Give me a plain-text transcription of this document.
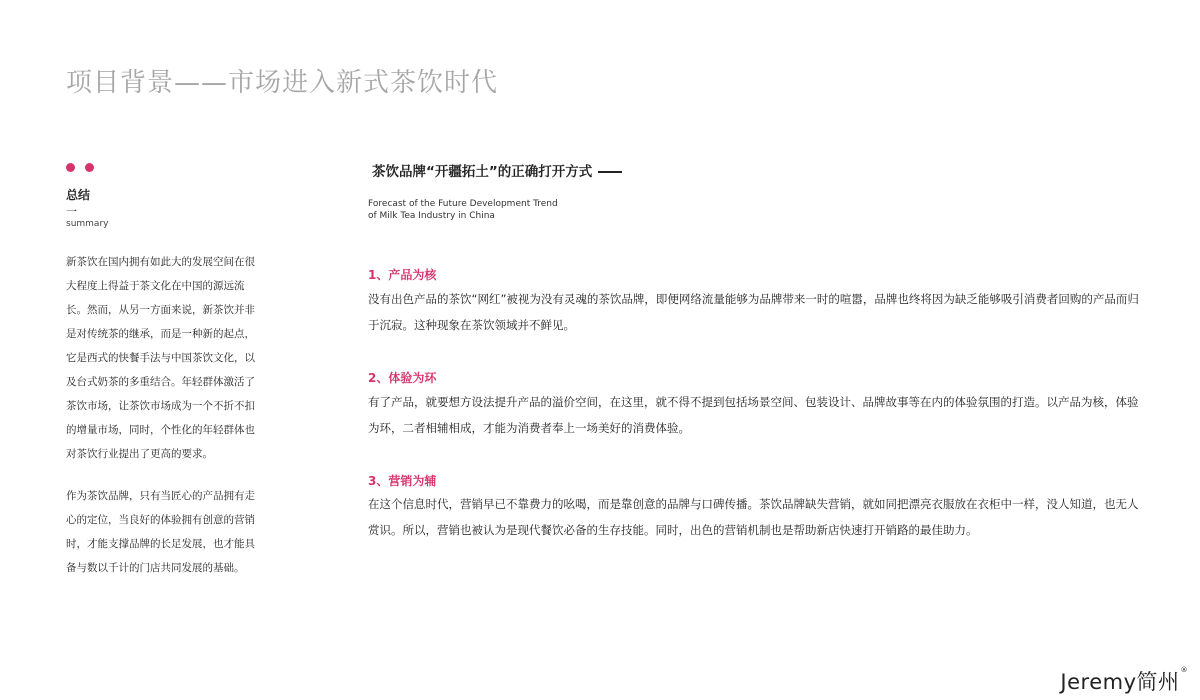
项目背景——市场进入新式茶饮时代
总结
一
summary

新茶饮在国内拥有如此大的发展空间在很大程度上得益于茶文化在中国的源远流长。然而，从另一方面来说，新茶饮并非是对传统茶的继承，而是一种新的起点，它是西式的快餐手法与中国茶饮文化，以及台式奶茶的多重结合。年轻群体激活了茶饮市场，让茶饮市场成为一个不折不扣的增量市场，同时，个性化的年轻群体也对茶饮行业提出了更高的要求。

作为茶饮品牌，只有当匠心的产品拥有走心的定位，当良好的体验拥有创意的营销时，才能支撑品牌的长足发展，也才能具备与数以千计的门店共同发展的基础。

茶饮品牌“开疆拓土”的正确打开方式
Forecast of the Future Development Trend
of Milk Tea Industry in China
1、产品为核

没有出色产品的茶饮“网红”被视为没有灵魂的茶饮品牌，即便网络流量能够为品牌带来一时的喧嚣，品牌也终将因为缺乏能够吸引消费者回购的产品而归于沉寂。这种现象在茶饮领域并不鲜见。

2、体验为环

有了产品，就要想方设法提升产品的溢价空间，在这里，就不得不提到包括场景空间、包装设计、品牌故事等在内的体验氛围的打造。以产品为核，体验为环，二者相辅相成，才能为消费者奉上一场美好的消费体验。

3、营销为辅

在这个信息时代，营销早已不靠费力的吆喝，而是靠创意的品牌与口碑传播。茶饮品牌缺失营销，就如同把漂亮衣服放在衣柜中一样，没人知道，也无人赏识。所以，营销也被认为是现代餐饮必备的生存技能。同时，出色的营销机制也是帮助新店快速打开销路的最佳助力。

Jeremy简州®
